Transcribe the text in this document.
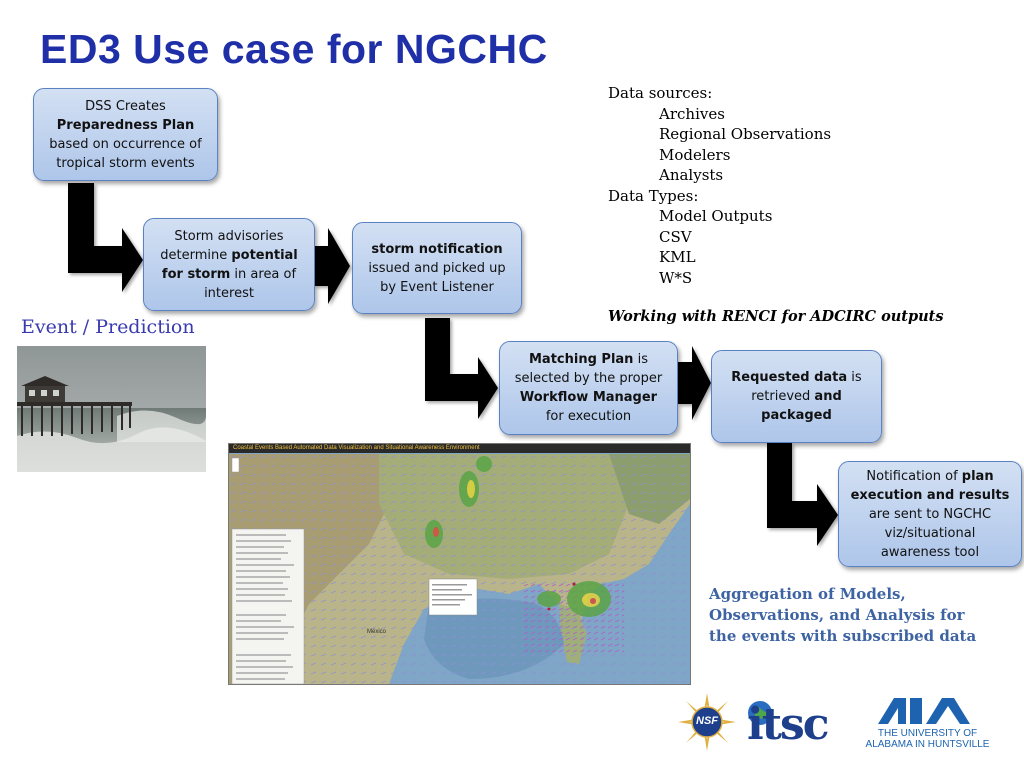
ED3 Use case for NGCHC
DSS Creates
Preparedness Plan
based on occurrence of
tropical storm events
Storm advisories
determine potential
for storm in area of
interest
storm notification
issued and picked up
by Event Listener
Matching Plan is
selected by the proper
Workflow Manager
for execution
Requested data is
retrieved and
packaged
Notification of plan
execution and results
are sent to NGCHC
viz/situational
awareness tool
Data sources:
Archives
Regional Observations
Modelers
Analysts
Data Types:
Model Outputs
CSV
KML
W*S
Working with RENCI for ADCIRC outputs
Event / Prediction
Coastal Events Based Automated Data Visualization and Situational Awareness Environment
México
Aggregation of Models,
Observations, and Analysis for
the events with subscribed data
NSF itsc	THE UNIVERSITY OF
ALABAMA IN HUNTSVILLE
